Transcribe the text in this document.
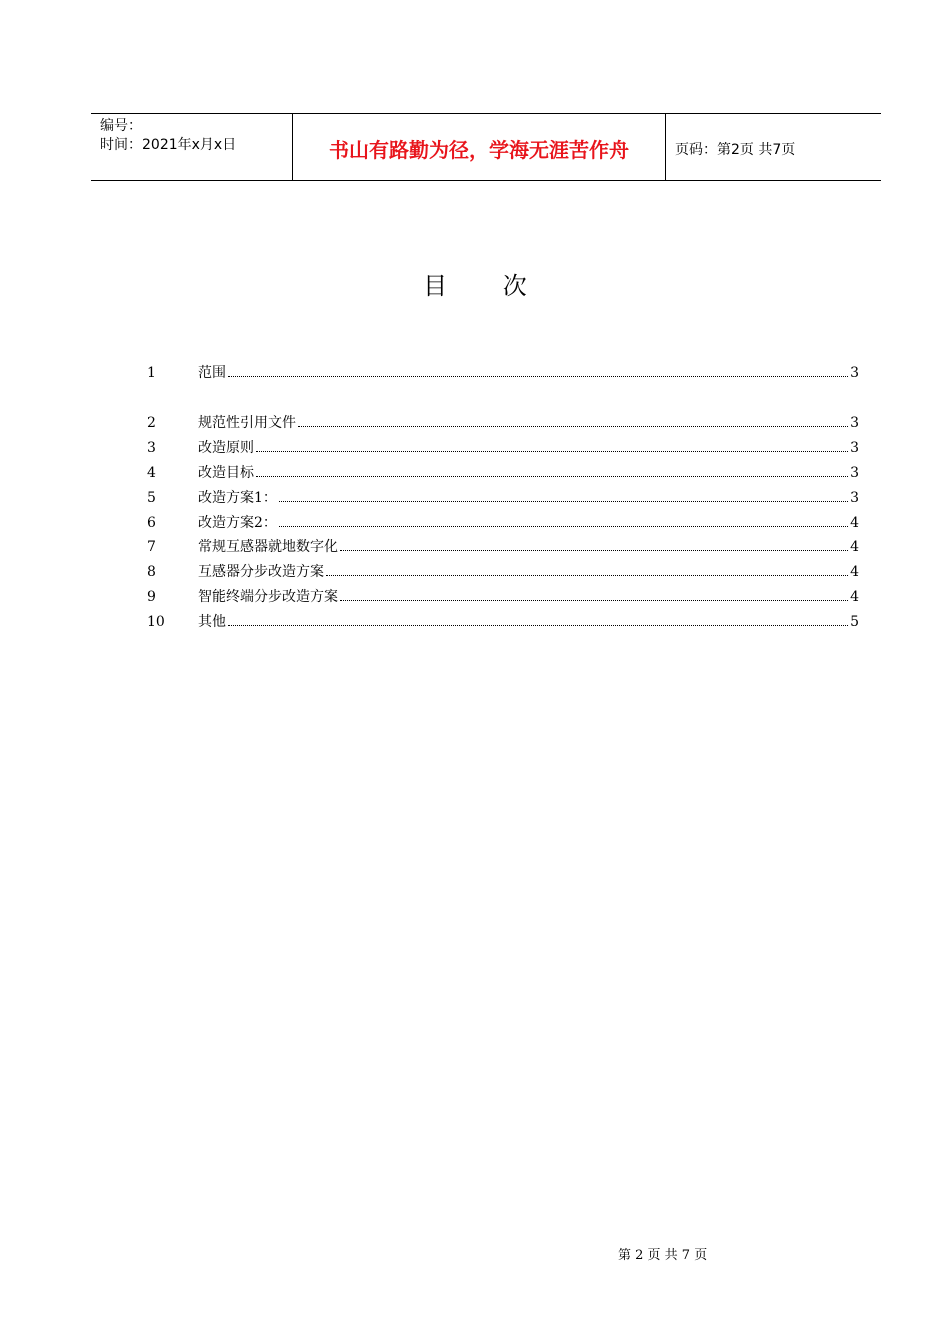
编号：
时间：2021年x月x日	书山有路勤为径，学海无涯苦作舟	页码：第2页 共7页
目 次
1	范围	3
2	规范性引用文件	3
3	改造原则	3
4	改造目标	3
5	改造方案1：	3
6	改造方案2：	4
7	常规互感器就地数字化	4
8	互感器分步改造方案	4
9	智能终端分步改造方案	4
10	其他	5
第 2 页 共 7 页
